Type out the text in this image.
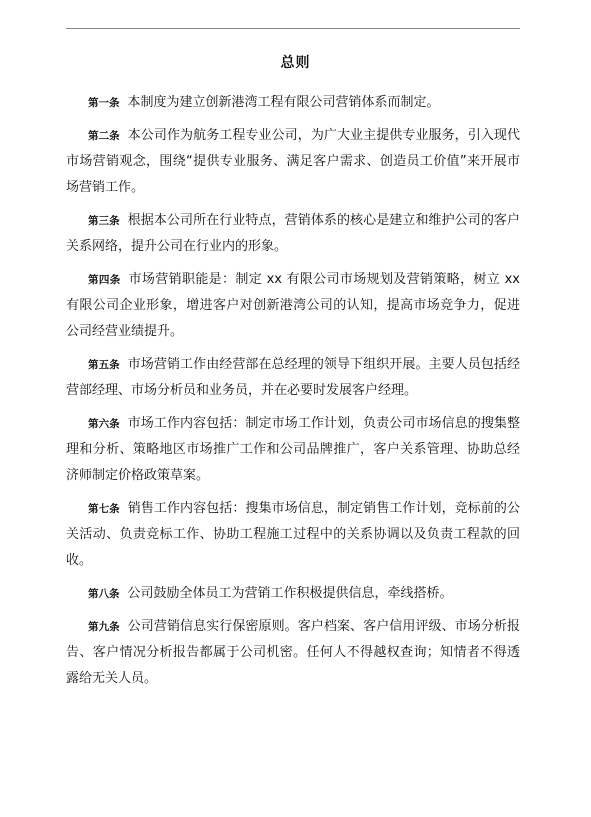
总则

第一条 本制度为建立创新港湾工程有限公司营销体系而制定。

第二条 本公司作为航务工程专业公司，为广大业主提供专业服务，引入现代市场营销观念，围绕“提供专业服务、满足客户需求、创造员工价值”来开展市场营销工作。

第三条 根据本公司所在行业特点，营销体系的核心是建立和维护公司的客户关系网络，提升公司在行业内的形象。

第四条 市场营销职能是：制定 xx 有限公司市场规划及营销策略，树立 xx 有限公司企业形象，增进客户对创新港湾公司的认知，提高市场竞争力，促进公司经营业绩提升。

第五条 市场营销工作由经营部在总经理的领导下组织开展。主要人员包括经营部经理、市场分析员和业务员，并在必要时发展客户经理。

第六条 市场工作内容包括：制定市场工作计划，负责公司市场信息的搜集整理和分析、策略地区市场推广工作和公司品牌推广，客户关系管理、协助总经济师制定价格政策草案。

第七条 销售工作内容包括：搜集市场信息，制定销售工作计划，竞标前的公关活动、负责竞标工作、协助工程施工过程中的关系协调以及负责工程款的回收。

第八条 公司鼓励全体员工为营销工作积极提供信息，牵线搭桥。

第九条 公司营销信息实行保密原则。客户档案、客户信用评级、市场分析报告、客户情况分析报告都属于公司机密。任何人不得越权查询；知情者不得透露给无关人员。
